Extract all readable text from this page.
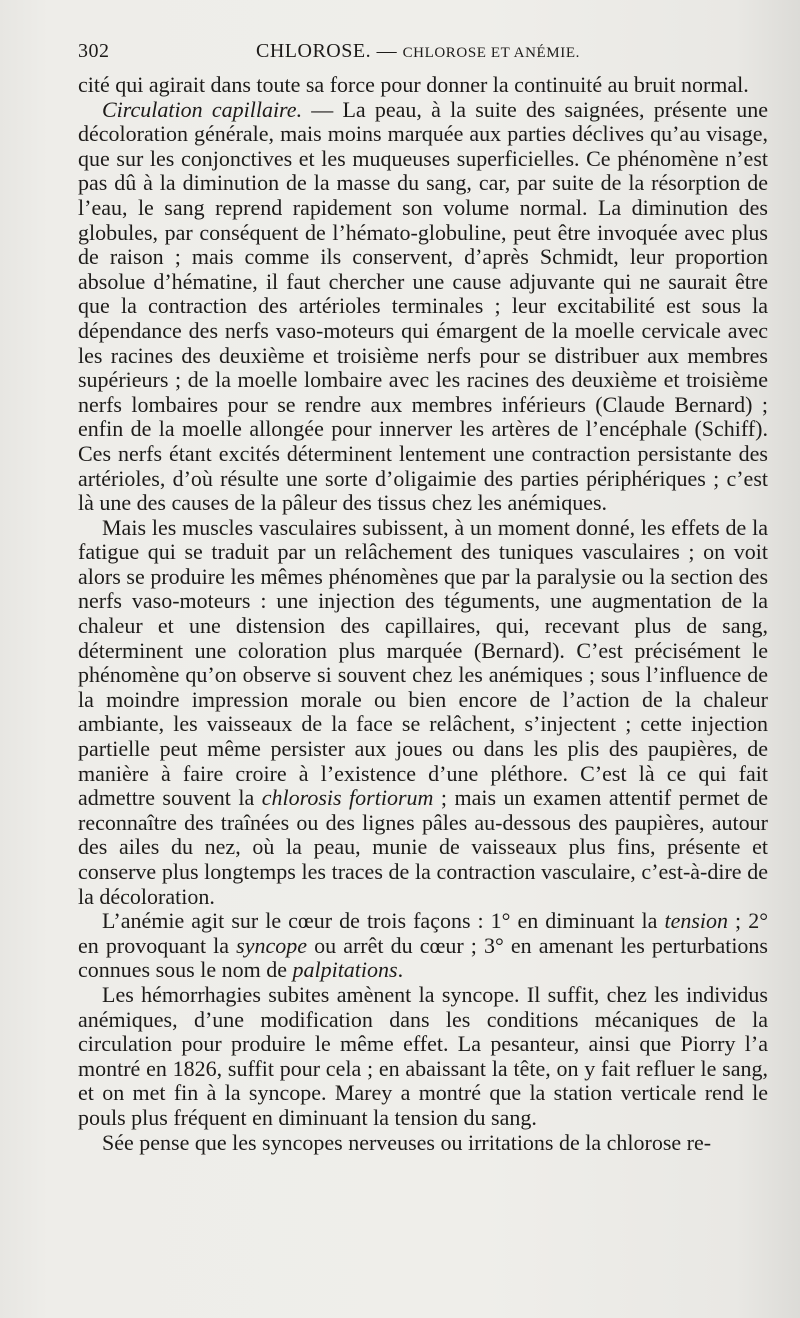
302	CHLOROSE. — CHLOROSE ET ANÉMIE.

cité qui agirait dans toute sa force pour donner la continuité au bruit normal.

Circulation capillaire. — La peau, à la suite des saignées, présente une décoloration générale, mais moins marquée aux parties déclives qu’au visage, que sur les conjonctives et les muqueuses superficielles. Ce phénomène n’est pas dû à la diminution de la masse du sang, car, par suite de la résorption de l’eau, le sang reprend rapidement son volume normal. La diminution des globules, par conséquent de l’hémato-globuline, peut être invoquée avec plus de raison ; mais comme ils conservent, d’après Schmidt, leur proportion absolue d’hématine, il faut chercher une cause adjuvante qui ne saurait être que la contraction des artérioles terminales ; leur excitabilité est sous la dépendance des nerfs vaso-moteurs qui émargent de la moelle cervicale avec les racines des deuxième et troisième nerfs pour se distribuer aux membres supérieurs ; de la moelle lombaire avec les racines des deuxième et troisième nerfs lombaires pour se rendre aux membres inférieurs (Claude Bernard) ; enfin de la moelle allongée pour innerver les artères de l’encéphale (Schiff). Ces nerfs étant excités déterminent lentement une contraction persistante des artérioles, d’où résulte une sorte d’oligaimie des parties périphériques ; c’est là une des causes de la pâleur des tissus chez les anémiques.

Mais les muscles vasculaires subissent, à un moment donné, les effets de la fatigue qui se traduit par un relâchement des tuniques vasculaires ; on voit alors se produire les mêmes phénomènes que par la paralysie ou la section des nerfs vaso-moteurs : une injection des téguments, une augmentation de la chaleur et une distension des capillaires, qui, recevant plus de sang, déterminent une coloration plus marquée (Bernard). C’est précisément le phénomène qu’on observe si souvent chez les anémiques ; sous l’influence de la moindre impression morale ou bien encore de l’action de la chaleur ambiante, les vaisseaux de la face se relâchent, s’injectent ; cette injection partielle peut même persister aux joues ou dans les plis des paupières, de manière à faire croire à l’existence d’une pléthore. C’est là ce qui fait admettre souvent la chlorosis fortiorum ; mais un examen attentif permet de reconnaître des traînées ou des lignes pâles au-dessous des paupières, autour des ailes du nez, où la peau, munie de vaisseaux plus fins, présente et conserve plus longtemps les traces de la contraction vasculaire, c’est-à-dire de la décoloration.

L’anémie agit sur le cœur de trois façons : 1° en diminuant la tension ; 2° en provoquant la syncope ou arrêt du cœur ; 3° en amenant les perturbations connues sous le nom de palpitations.

Les hémorrhagies subites amènent la syncope. Il suffit, chez les individus anémiques, d’une modification dans les conditions mécaniques de la circulation pour produire le même effet. La pesanteur, ainsi que Piorry l’a montré en 1826, suffit pour cela ; en abaissant la tête, on y fait refluer le sang, et on met fin à la syncope. Marey a montré que la station verticale rend le pouls plus fréquent en diminuant la tension du sang.

Sée pense que les syncopes nerveuses ou irritations de la chlorose re-
